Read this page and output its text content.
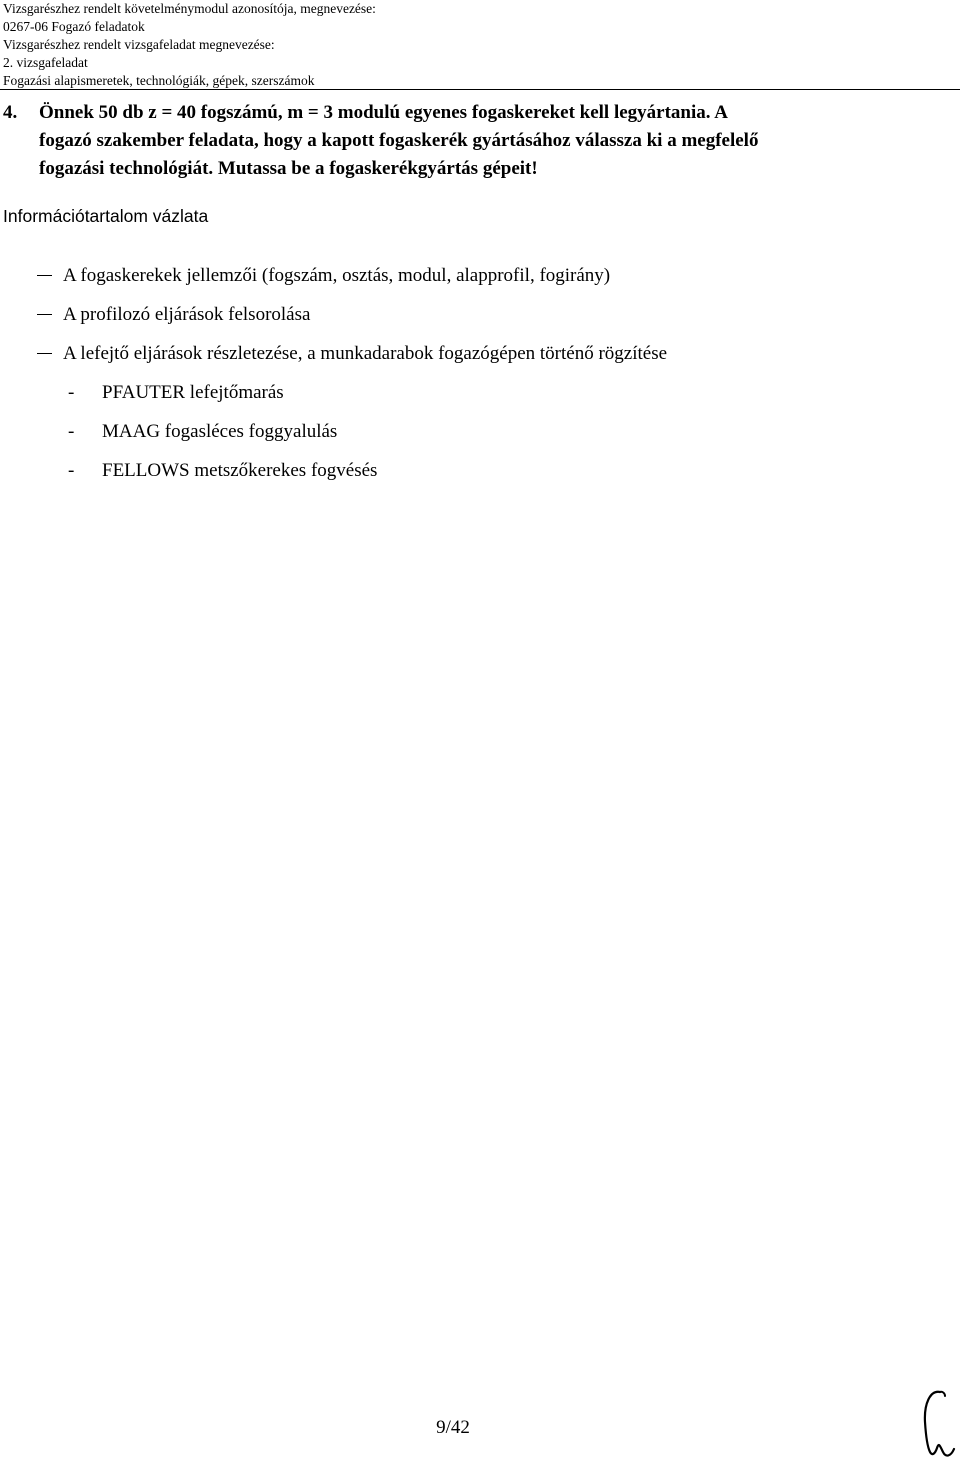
Vizsgarészhez rendelt követelménymodul azonosítója, megnevezése:
0267-06 Fogazó feladatok
Vizsgarészhez rendelt vizsgafeladat megnevezése:
2. vizsgafeladat
Fogazási alapismeretek, technológiák, gépek, szerszámok
4. Önnek 50 db z = 40 fogszámú, m = 3 modulú egyenes fogaskereket kell legyártania. A
fogazó szakember feladata, hogy a kapott fogaskerék gyártásához válassza ki a megfelelő
fogazási technológiát. Mutassa be a fogaskerékgyártás gépeit!
Információtartalom vázlata
A fogaskerekek jellemzői (fogszám, osztás, modul, alapprofil, fogirány)
A profilozó eljárások felsorolása
A lefejtő eljárások részletezése, a munkadarabok fogazógépen történő rögzítése
- PFAUTER lefejtőmarás
- MAAG fogasléces foggyalulás
- FELLOWS metszőkerekes fogvésés
9/42
